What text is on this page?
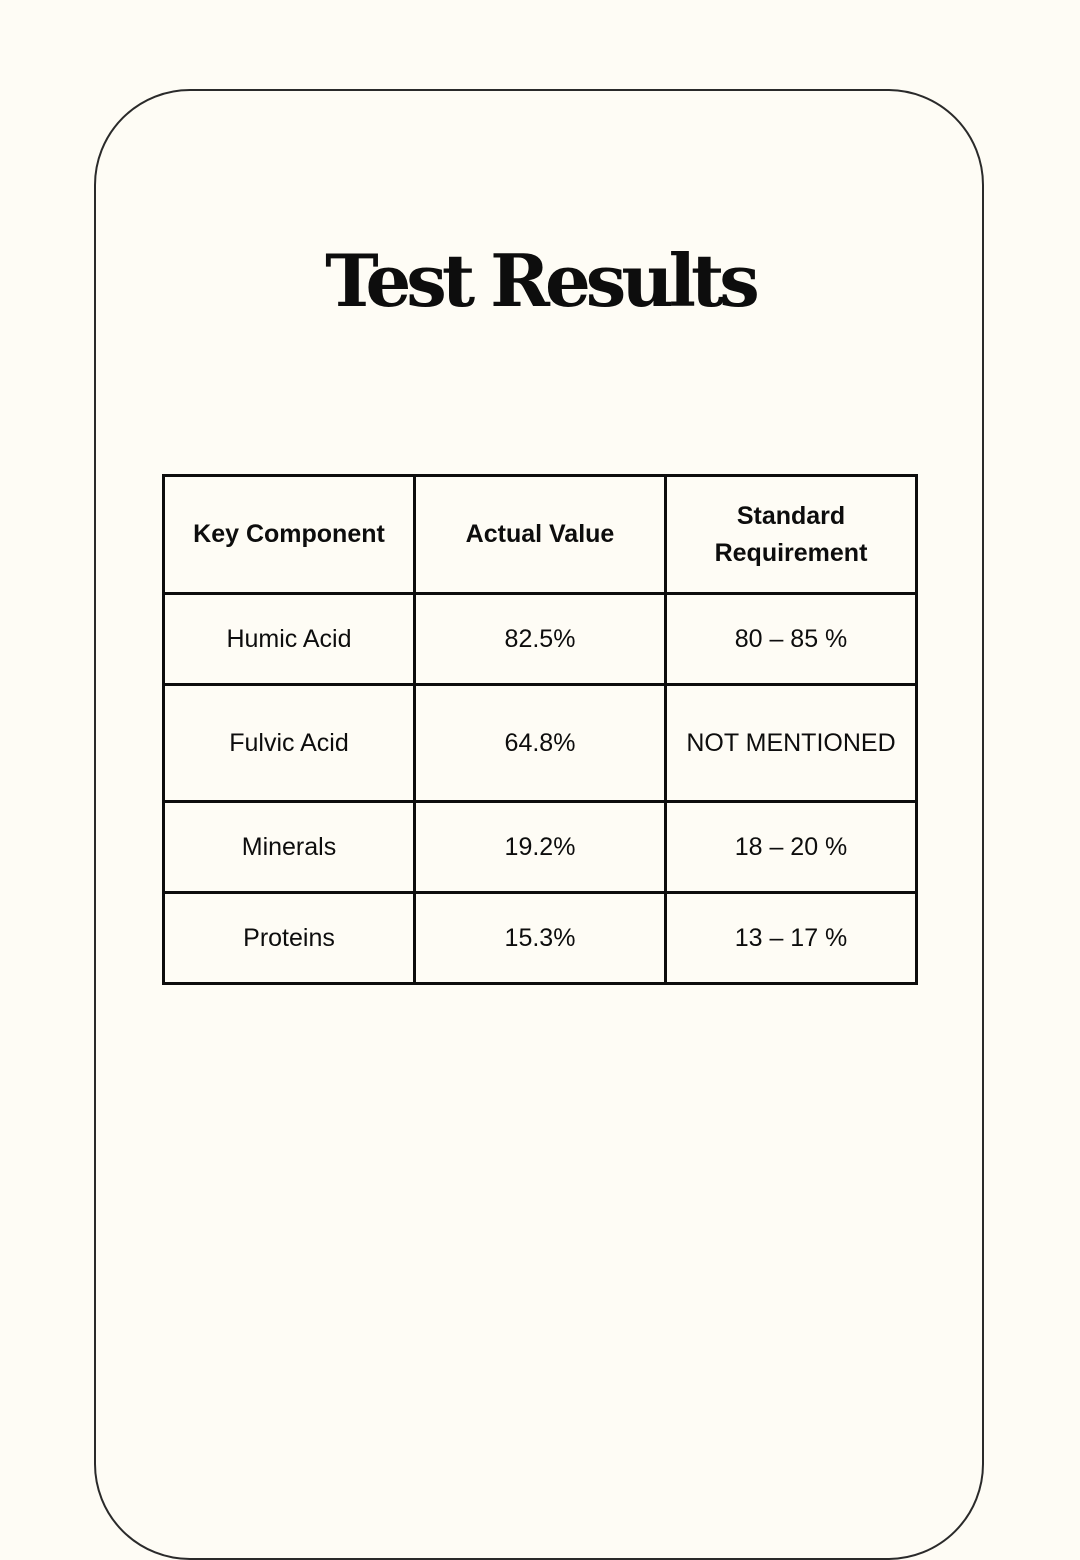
Test Results
Key Component	Actual Value	Standard Requirement
Humic Acid	82.5%	80 – 85 %
Fulvic Acid	64.8%	NOT MENTIONED
Minerals	19.2%	18 – 20 %
Proteins	15.3%	13 – 17 %
